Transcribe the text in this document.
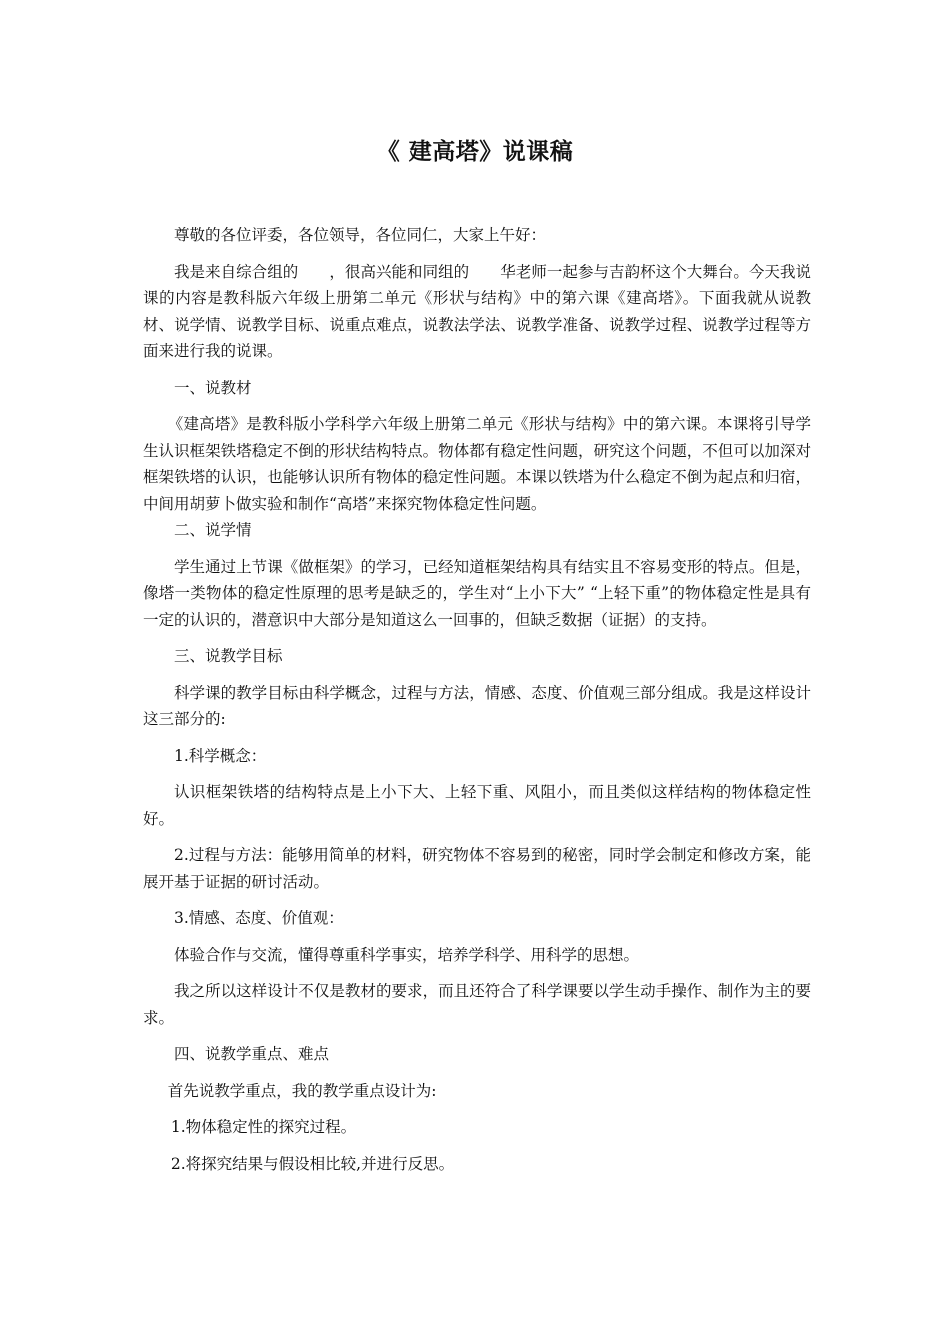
《 建高塔》说课稿

尊敬的各位评委，各位领导，各位同仁，大家上午好：

我是来自综合组的　　，很高兴能和同组的　　华老师一起参与吉韵杯这个大舞台。今天我说课的内容是教科版六年级上册第二单元《形状与结构》中的第六课《建高塔》。下面我就从说教材、说学情、说教学目标、说重点难点，说教法学法、说教学准备、说教学过程、说教学过程等方面来进行我的说课。

一、说教材

《建高塔》是教科版小学科学六年级上册第二单元《形状与结构》中的第六课。本课将引导学生认识框架铁塔稳定不倒的形状结构特点。物体都有稳定性问题，研究这个问题，不但可以加深对框架铁塔的认识，也能够认识所有物体的稳定性问题。本课以铁塔为什么稳定不倒为起点和归宿，中间用胡萝卜做实验和制作“高塔”来探究物体稳定性问题。

二、说学情

学生通过上节课《做框架》的学习，已经知道框架结构具有结实且不容易变形的特点。但是，像塔一类物体的稳定性原理的思考是缺乏的，学生对“上小下大” “上轻下重”的物体稳定性是具有一定的认识的，潜意识中大部分是知道这么一回事的，但缺乏数据（证据）的支持。

三、说教学目标

科学课的教学目标由科学概念，过程与方法，情感、态度、价值观三部分组成。我是这样设计这三部分的:

1.科学概念：

认识框架铁塔的结构特点是上小下大、上轻下重、风阻小，而且类似这样结构的物体稳定性好。

2.过程与方法：能够用简单的材料，研究物体不容易到的秘密，同时学会制定和修改方案，能展开基于证据的研讨活动。

3.情感、态度、价值观：

体验合作与交流，懂得尊重科学事实，培养学科学、用科学的思想。

我之所以这样设计不仅是教材的要求，而且还符合了科学课要以学生动手操作、制作为主的要求。

四、说教学重点、难点

首先说教学重点，我的教学重点设计为:

1.物体稳定性的探究过程。

2.将探究结果与假设相比较,并进行反思。
